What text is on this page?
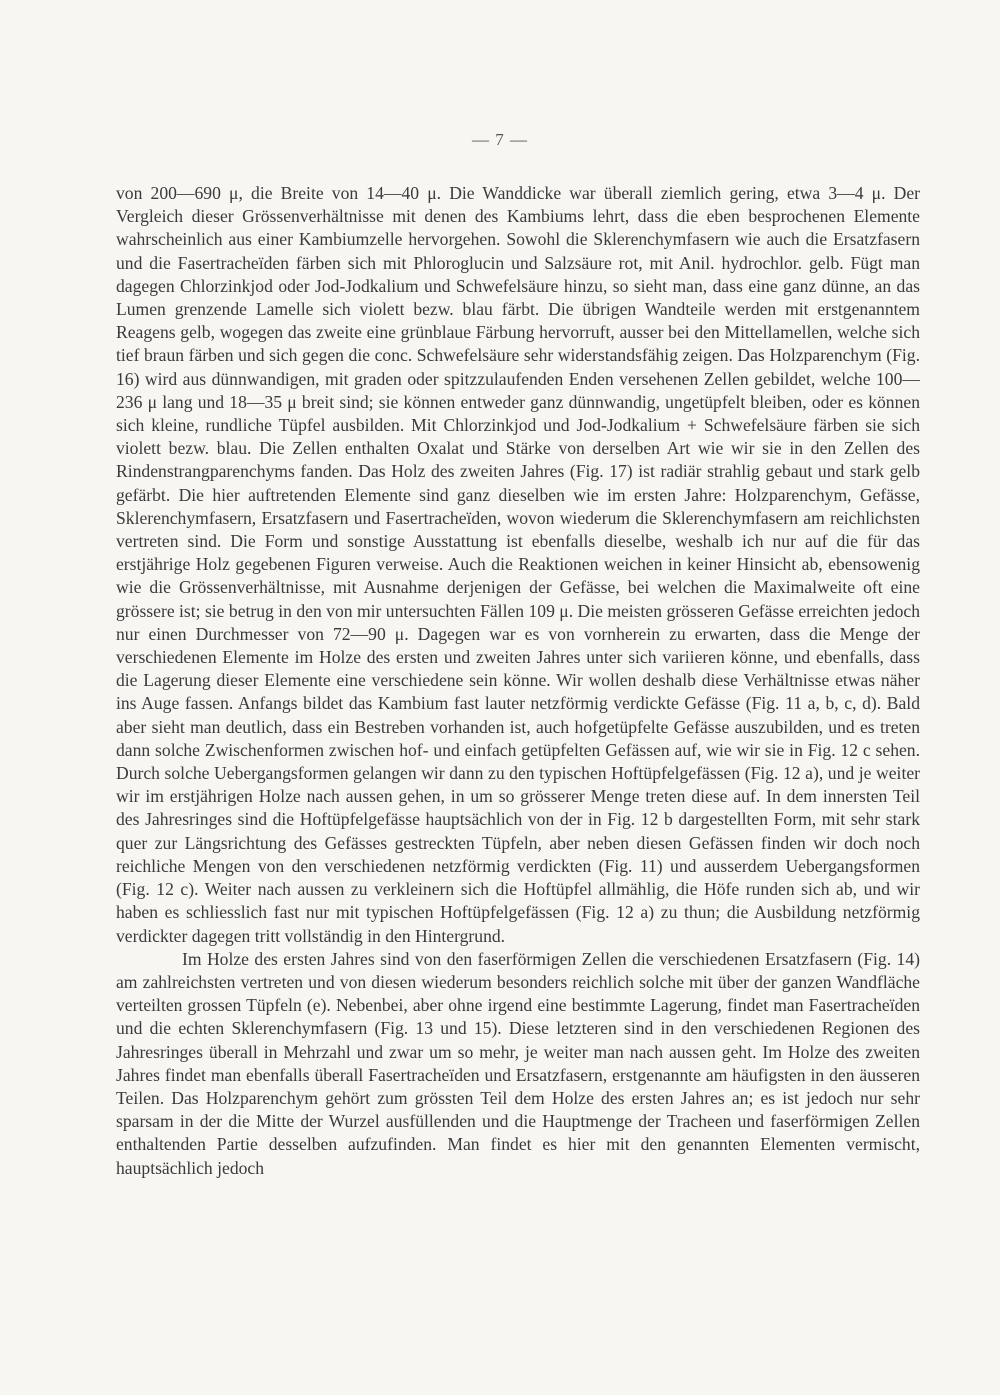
— 7 —

von 200—690 μ, die Breite von 14—40 μ. Die Wanddicke war überall ziemlich gering, etwa 3—4 μ. Der Vergleich dieser Grössenverhältnisse mit denen des Kambiums lehrt, dass die eben besprochenen Elemente wahrscheinlich aus einer Kambiumzelle hervorgehen. Sowohl die Sklerenchymfasern wie auch die Ersatzfasern und die Fasertracheïden färben sich mit Phloroglucin und Salzsäure rot, mit Anil. hydrochlor. gelb. Fügt man dagegen Chlorzinkjod oder Jod-Jodkalium und Schwefelsäure hinzu, so sieht man, dass eine ganz dünne, an das Lumen grenzende Lamelle sich violett bezw. blau färbt. Die übrigen Wandteile werden mit erstgenanntem Reagens gelb, wogegen das zweite eine grünblaue Färbung hervorruft, ausser bei den Mittellamellen, welche sich tief braun färben und sich gegen die conc. Schwefelsäure sehr widerstandsfähig zeigen. Das Holzparenchym (Fig. 16) wird aus dünnwandigen, mit graden oder spitzzulaufenden Enden versehenen Zellen gebildet, welche 100—236 μ lang und 18—35 μ breit sind; sie können entweder ganz dünnwandig, ungetüpfelt bleiben, oder es können sich kleine, rundliche Tüpfel ausbilden. Mit Chlorzinkjod und Jod-Jodkalium + Schwefelsäure färben sie sich violett bezw. blau. Die Zellen enthalten Oxalat und Stärke von derselben Art wie wir sie in den Zellen des Rindenstrangparenchyms fanden. Das Holz des zweiten Jahres (Fig. 17) ist radiär strahlig gebaut und stark gelb gefärbt. Die hier auftretenden Elemente sind ganz dieselben wie im ersten Jahre: Holzparenchym, Gefässe, Sklerenchymfasern, Ersatzfasern und Fasertracheïden, wovon wiederum die Sklerenchymfasern am reichlichsten vertreten sind. Die Form und sonstige Ausstattung ist ebenfalls dieselbe, weshalb ich nur auf die für das erstjährige Holz gegebenen Figuren verweise. Auch die Reaktionen weichen in keiner Hinsicht ab, ebensowenig wie die Grössenverhältnisse, mit Ausnahme derjenigen der Gefässe, bei welchen die Maximalweite oft eine grössere ist; sie betrug in den von mir untersuchten Fällen 109 μ. Die meisten grösseren Gefässe erreichten jedoch nur einen Durchmesser von 72—90 μ. Dagegen war es von vornherein zu erwarten, dass die Menge der verschiedenen Elemente im Holze des ersten und zweiten Jahres unter sich variieren könne, und ebenfalls, dass die Lagerung dieser Elemente eine verschiedene sein könne. Wir wollen deshalb diese Verhältnisse etwas näher ins Auge fassen. Anfangs bildet das Kambium fast lauter netzförmig verdickte Gefässe (Fig. 11 a, b, c, d). Bald aber sieht man deutlich, dass ein Bestreben vorhanden ist, auch hofgetüpfelte Gefässe auszubilden, und es treten dann solche Zwischenformen zwischen hof- und einfach getüpfelten Gefässen auf, wie wir sie in Fig. 12 c sehen. Durch solche Uebergangsformen gelangen wir dann zu den typischen Hoftüpfelgefässen (Fig. 12 a), und je weiter wir im erstjährigen Holze nach aussen gehen, in um so grösserer Menge treten diese auf. In dem innersten Teil des Jahresringes sind die Hoftüpfelgefässe hauptsächlich von der in Fig. 12 b dargestellten Form, mit sehr stark quer zur Längsrichtung des Gefässes gestreckten Tüpfeln, aber neben diesen Gefässen finden wir doch noch reichliche Mengen von den verschiedenen netzförmig verdickten (Fig. 11) und ausserdem Uebergangsformen (Fig. 12 c). Weiter nach aussen zu verkleinern sich die Hoftüpfel allmählig, die Höfe runden sich ab, und wir haben es schliesslich fast nur mit typischen Hoftüpfelgefässen (Fig. 12 a) zu thun; die Ausbildung netzförmig verdickter dagegen tritt vollständig in den Hintergrund.

Im Holze des ersten Jahres sind von den faserförmigen Zellen die verschiedenen Ersatzfasern (Fig. 14) am zahlreichsten vertreten und von diesen wiederum besonders reichlich solche mit über der ganzen Wandfläche verteilten grossen Tüpfeln (e). Nebenbei, aber ohne irgend eine bestimmte Lagerung, findet man Fasertracheïden und die echten Sklerenchymfasern (Fig. 13 und 15). Diese letzteren sind in den verschiedenen Regionen des Jahresringes überall in Mehrzahl und zwar um so mehr, je weiter man nach aussen geht. Im Holze des zweiten Jahres findet man ebenfalls überall Fasertracheïden und Ersatzfasern, erstgenannte am häufigsten in den äusseren Teilen. Das Holzparenchym gehört zum grössten Teil dem Holze des ersten Jahres an; es ist jedoch nur sehr sparsam in der die Mitte der Wurzel ausfüllenden und die Hauptmenge der Tracheen und faserförmigen Zellen enthaltenden Partie desselben aufzufinden. Man findet es hier mit den genannten Elementen vermischt, hauptsächlich jedoch
